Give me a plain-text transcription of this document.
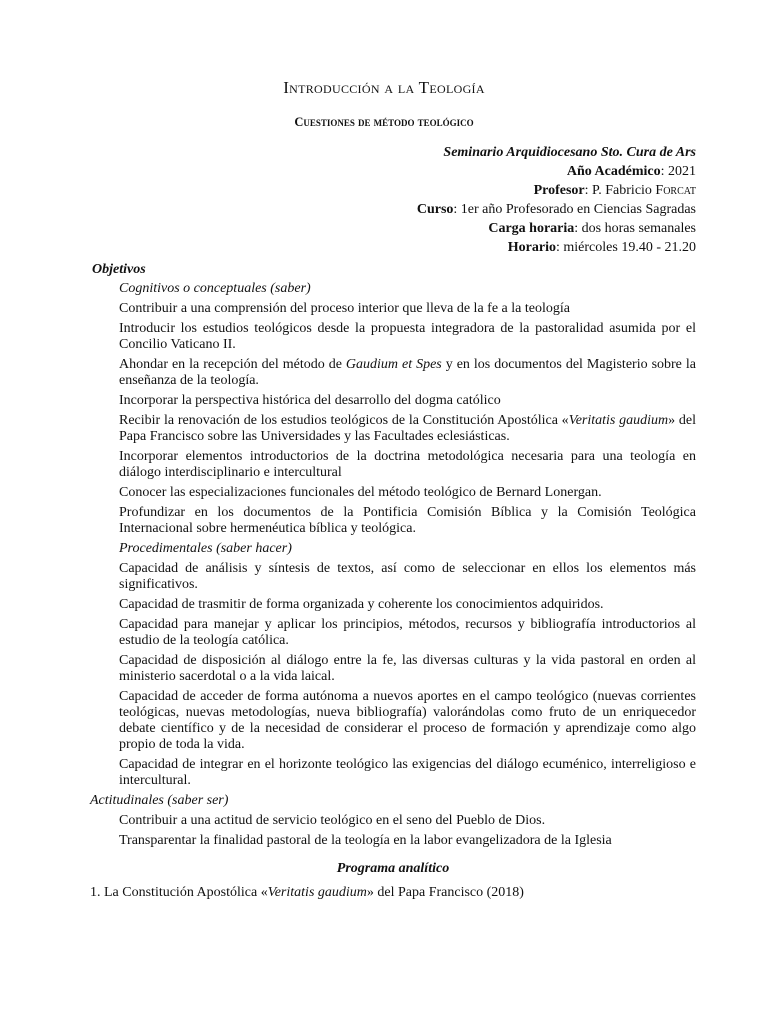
Introducción a la Teología
Cuestiones de método teológico
Seminario Arquidiocesano Sto. Cura de Ars
Año Académico: 2021
Profesor: P. Fabricio Forcat
Curso: 1er año Profesorado en Ciencias Sagradas
Carga horaria: dos horas semanales
Horario: miércoles 19.40 - 21.20
Objetivos
Cognitivos o conceptuales (saber)
Contribuir a una comprensión del proceso interior que lleva de la fe a la teología
Introducir los estudios teológicos desde la propuesta integradora de la pastoralidad asumida por el Concilio Vaticano II.
Ahondar en la recepción del método de Gaudium et Spes y en los documentos del Magisterio sobre la enseñanza de la teología.
Incorporar la perspectiva histórica del desarrollo del dogma católico
Recibir la renovación de los estudios teológicos de la Constitución Apostólica «Veritatis gaudium» del Papa Francisco sobre las Universidades y las Facultades eclesiásticas.
Incorporar elementos introductorios de la doctrina metodológica necesaria para una teología en diálogo interdisciplinario e intercultural
Conocer las especializaciones funcionales del método teológico de Bernard Lonergan.
Profundizar en los documentos de la Pontificia Comisión Bíblica y la Comisión Teológica Internacional sobre hermenéutica bíblica y teológica.
Procedimentales (saber hacer)
Capacidad de análisis y síntesis de textos, así como de seleccionar en ellos los elementos más significativos.
Capacidad de trasmitir de forma organizada y coherente los conocimientos adquiridos.
Capacidad para manejar y aplicar los principios, métodos, recursos y bibliografía introductorios al estudio de la teología católica.
Capacidad de disposición al diálogo entre la fe, las diversas culturas y la vida pastoral en orden al ministerio sacerdotal o a la vida laical.
Capacidad de acceder de forma autónoma a nuevos aportes en el campo teológico (nuevas corrientes teológicas, nuevas metodologías, nueva bibliografía) valorándolas como fruto de un enriquecedor debate científico y de la necesidad de considerar el proceso de formación y aprendizaje como algo propio de toda la vida.
Capacidad de integrar en el horizonte teológico las exigencias del diálogo ecuménico, interreligioso e intercultural.
Actitudinales (saber ser)
Contribuir a una actitud de servicio teológico en el seno del Pueblo de Dios.
Transparentar la finalidad pastoral de la teología en la labor evangelizadora de la Iglesia
Programa analítico
1. La Constitución Apostólica «Veritatis gaudium» del Papa Francisco (2018)
